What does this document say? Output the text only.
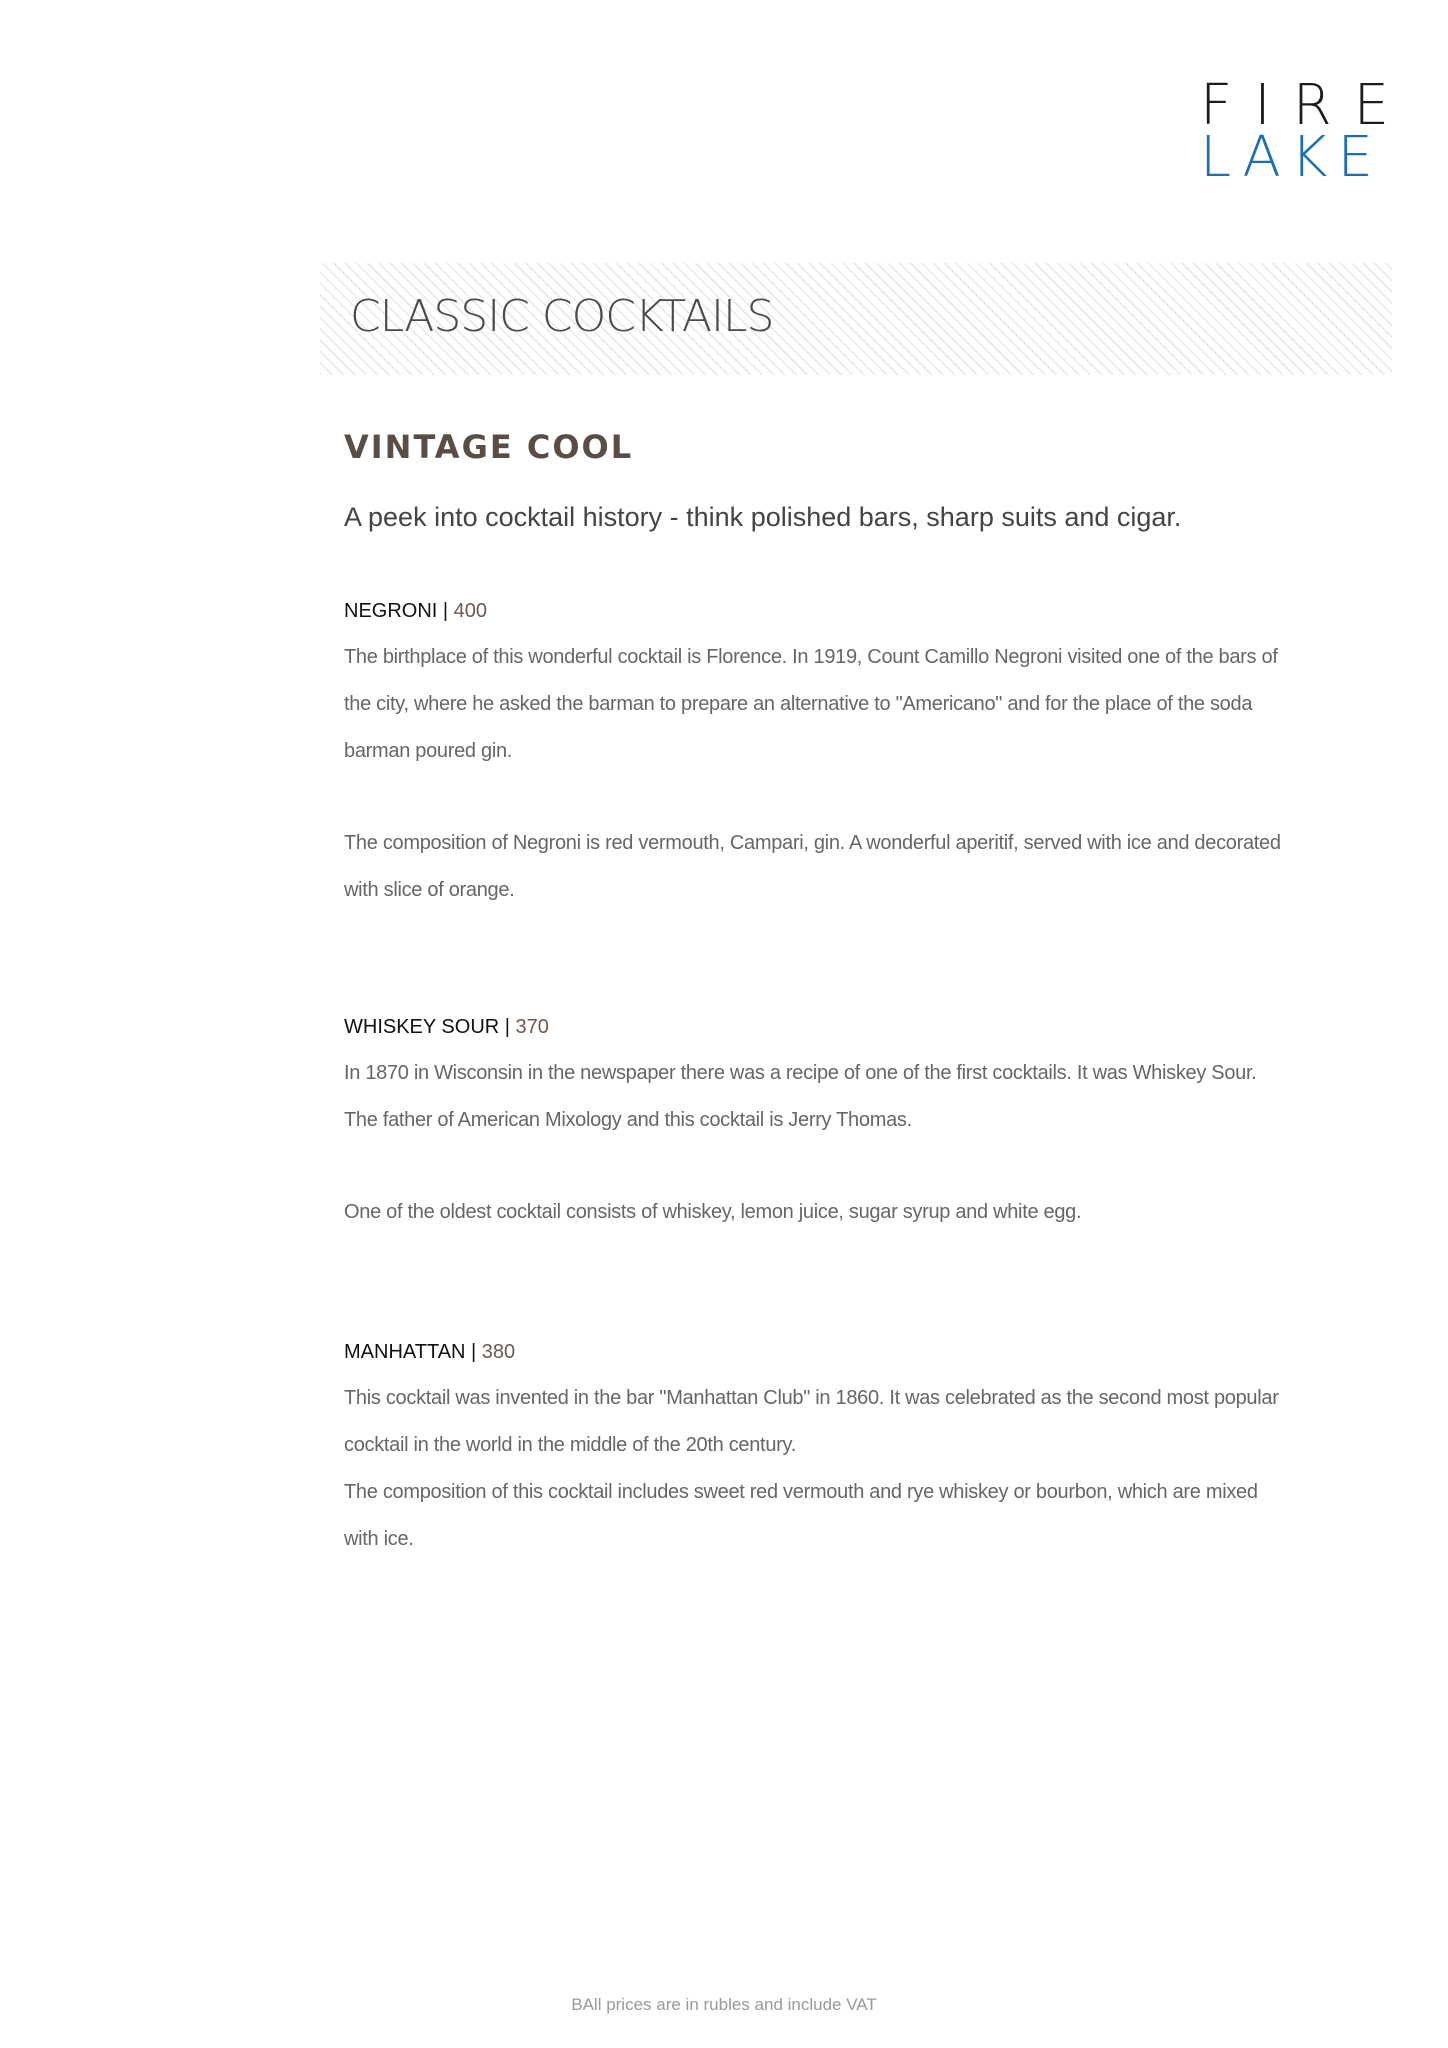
FIRE
LAKE
CLASSIC COCKTAILS
VINTAGE COOL

A peek into cocktail history - think polished bars, sharp suits and cigar.

NEGRONI | 400

The birthplace of this wonderful cocktail is Florence. In 1919, Count Camillo Negroni visited one of the bars of the city, where he asked the barman to prepare an alternative to "Americano" and for the place of the soda barman poured gin.

The composition of Negroni is red vermouth, Campari, gin. A wonderful aperitif, served with ice and decorated with slice of orange.

WHISKEY SOUR | 370

In 1870 in Wisconsin in the newspaper there was a recipe of one of the first cocktails. It was Whiskey Sour. The father of American Mixology and this cocktail is Jerry Thomas.

One of the oldest cocktail consists of whiskey, lemon juice, sugar syrup and white egg.

MANHATTAN | 380

This cocktail was invented in the bar "Manhattan Club" in 1860. It was celebrated as the second most popular cocktail in the world in the middle of the 20th century.

The composition of this cocktail includes sweet red vermouth and rye whiskey or bourbon, which are mixed with ice.

BAll prices are in rubles and include VAT
